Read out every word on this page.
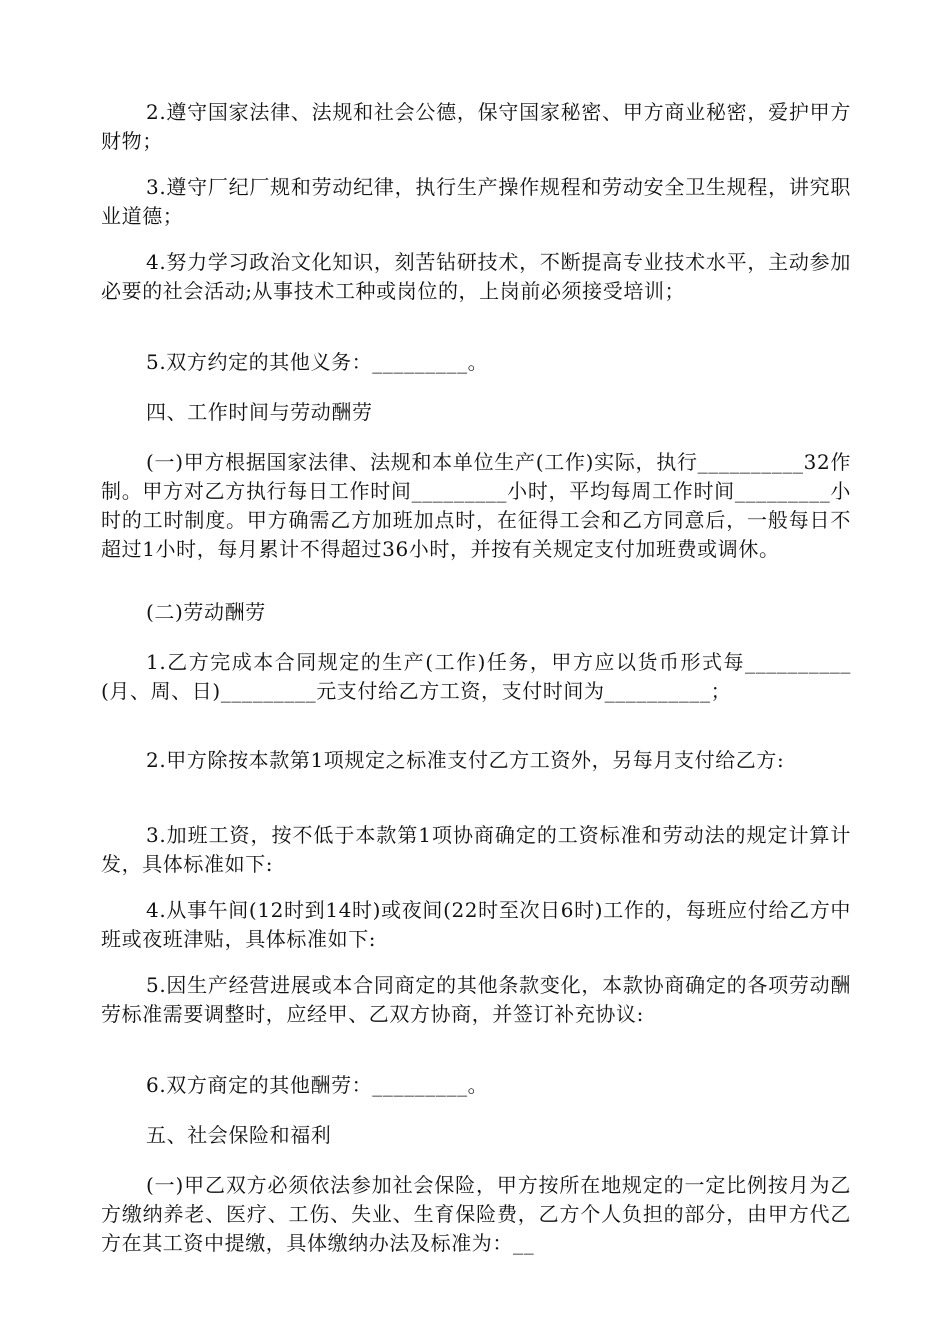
2.遵守国家法律、法规和社会公德，保守国家秘密、甲方商业秘密，爱护甲方财物；

3.遵守厂纪厂规和劳动纪律，执行生产操作规程和劳动安全卫生规程，讲究职业道德；

4.努力学习政治文化知识，刻苦钻研技术，不断提高专业技术水平，主动参加必要的社会活动;从事技术工种或岗位的，上岗前必须接受培训；

5.双方约定的其他义务：_________。

四、工作时间与劳动酬劳

(一)甲方根据国家法律、法规和本单位生产(工作)实际，执行__________32作制。甲方对乙方执行每日工作时间_________小时，平均每周工作时间_________小时的工时制度。甲方确需乙方加班加点时，在征得工会和乙方同意后，一般每日不超过1小时，每月累计不得超过36小时，并按有关规定支付加班费或调休。

(二)劳动酬劳

1.乙方完成本合同规定的生产(工作)任务，甲方应以货币形式每__________(月、周、日)_________元支付给乙方工资，支付时间为__________；

2.甲方除按本款第1项规定之标准支付乙方工资外，另每月支付给乙方:

3.加班工资，按不低于本款第1项协商确定的工资标准和劳动法的规定计算计发，具体标准如下:

4.从事午间(12时到14时)或夜间(22时至次日6时)工作的，每班应付给乙方中班或夜班津贴，具体标准如下:

5.因生产经营进展或本合同商定的其他条款变化，本款协商确定的各项劳动酬劳标准需要调整时，应经甲、乙双方协商，并签订补充协议:

6.双方商定的其他酬劳：_________。

五、社会保险和福利

(一)甲乙双方必须依法参加社会保险，甲方按所在地规定的一定比例按月为乙方缴纳养老、医疗、工伤、失业、生育保险费，乙方个人负担的部分，由甲方代乙方在其工资中提缴，具体缴纳办法及标准为：__
